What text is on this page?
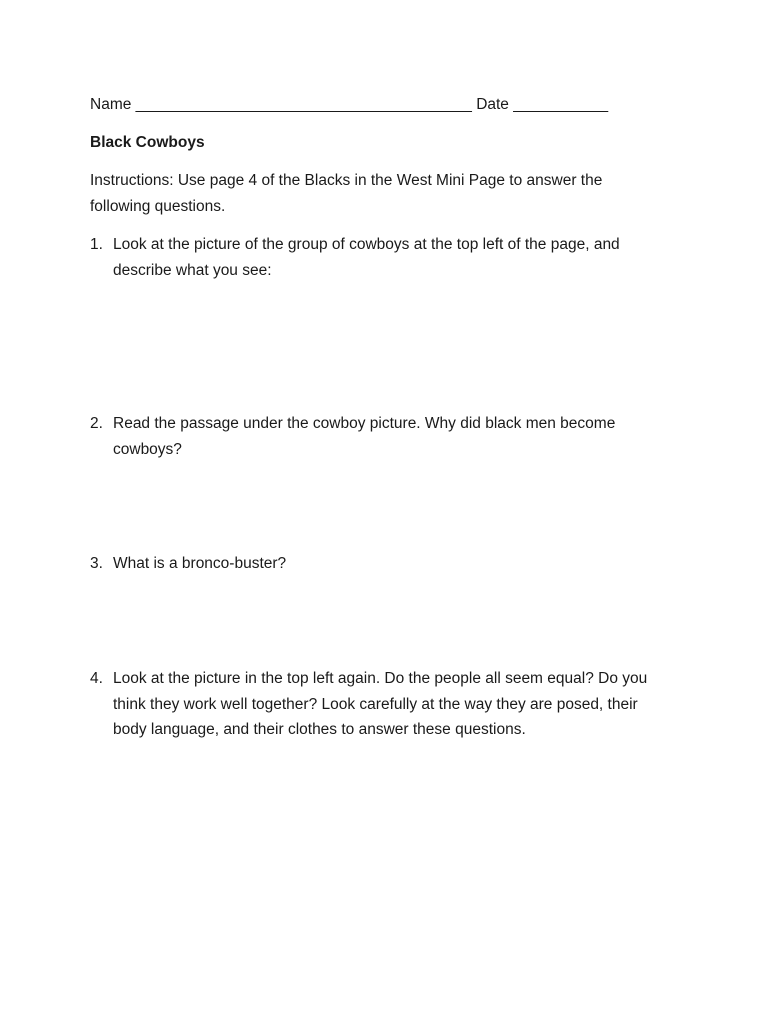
Name _______________________________________ Date ___________
Black Cowboys
Instructions: Use page 4 of the Blacks in the West Mini Page to answer the
following questions.
1. Look at the picture of the group of cowboys at the top left of the page, and
describe what you see:
2. Read the passage under the cowboy picture. Why did black men become
cowboys?
3. What is a bronco-buster?
4. Look at the picture in the top left again. Do the people all seem equal? Do you
think they work well together? Look carefully at the way they are posed, their
body language, and their clothes to answer these questions.
